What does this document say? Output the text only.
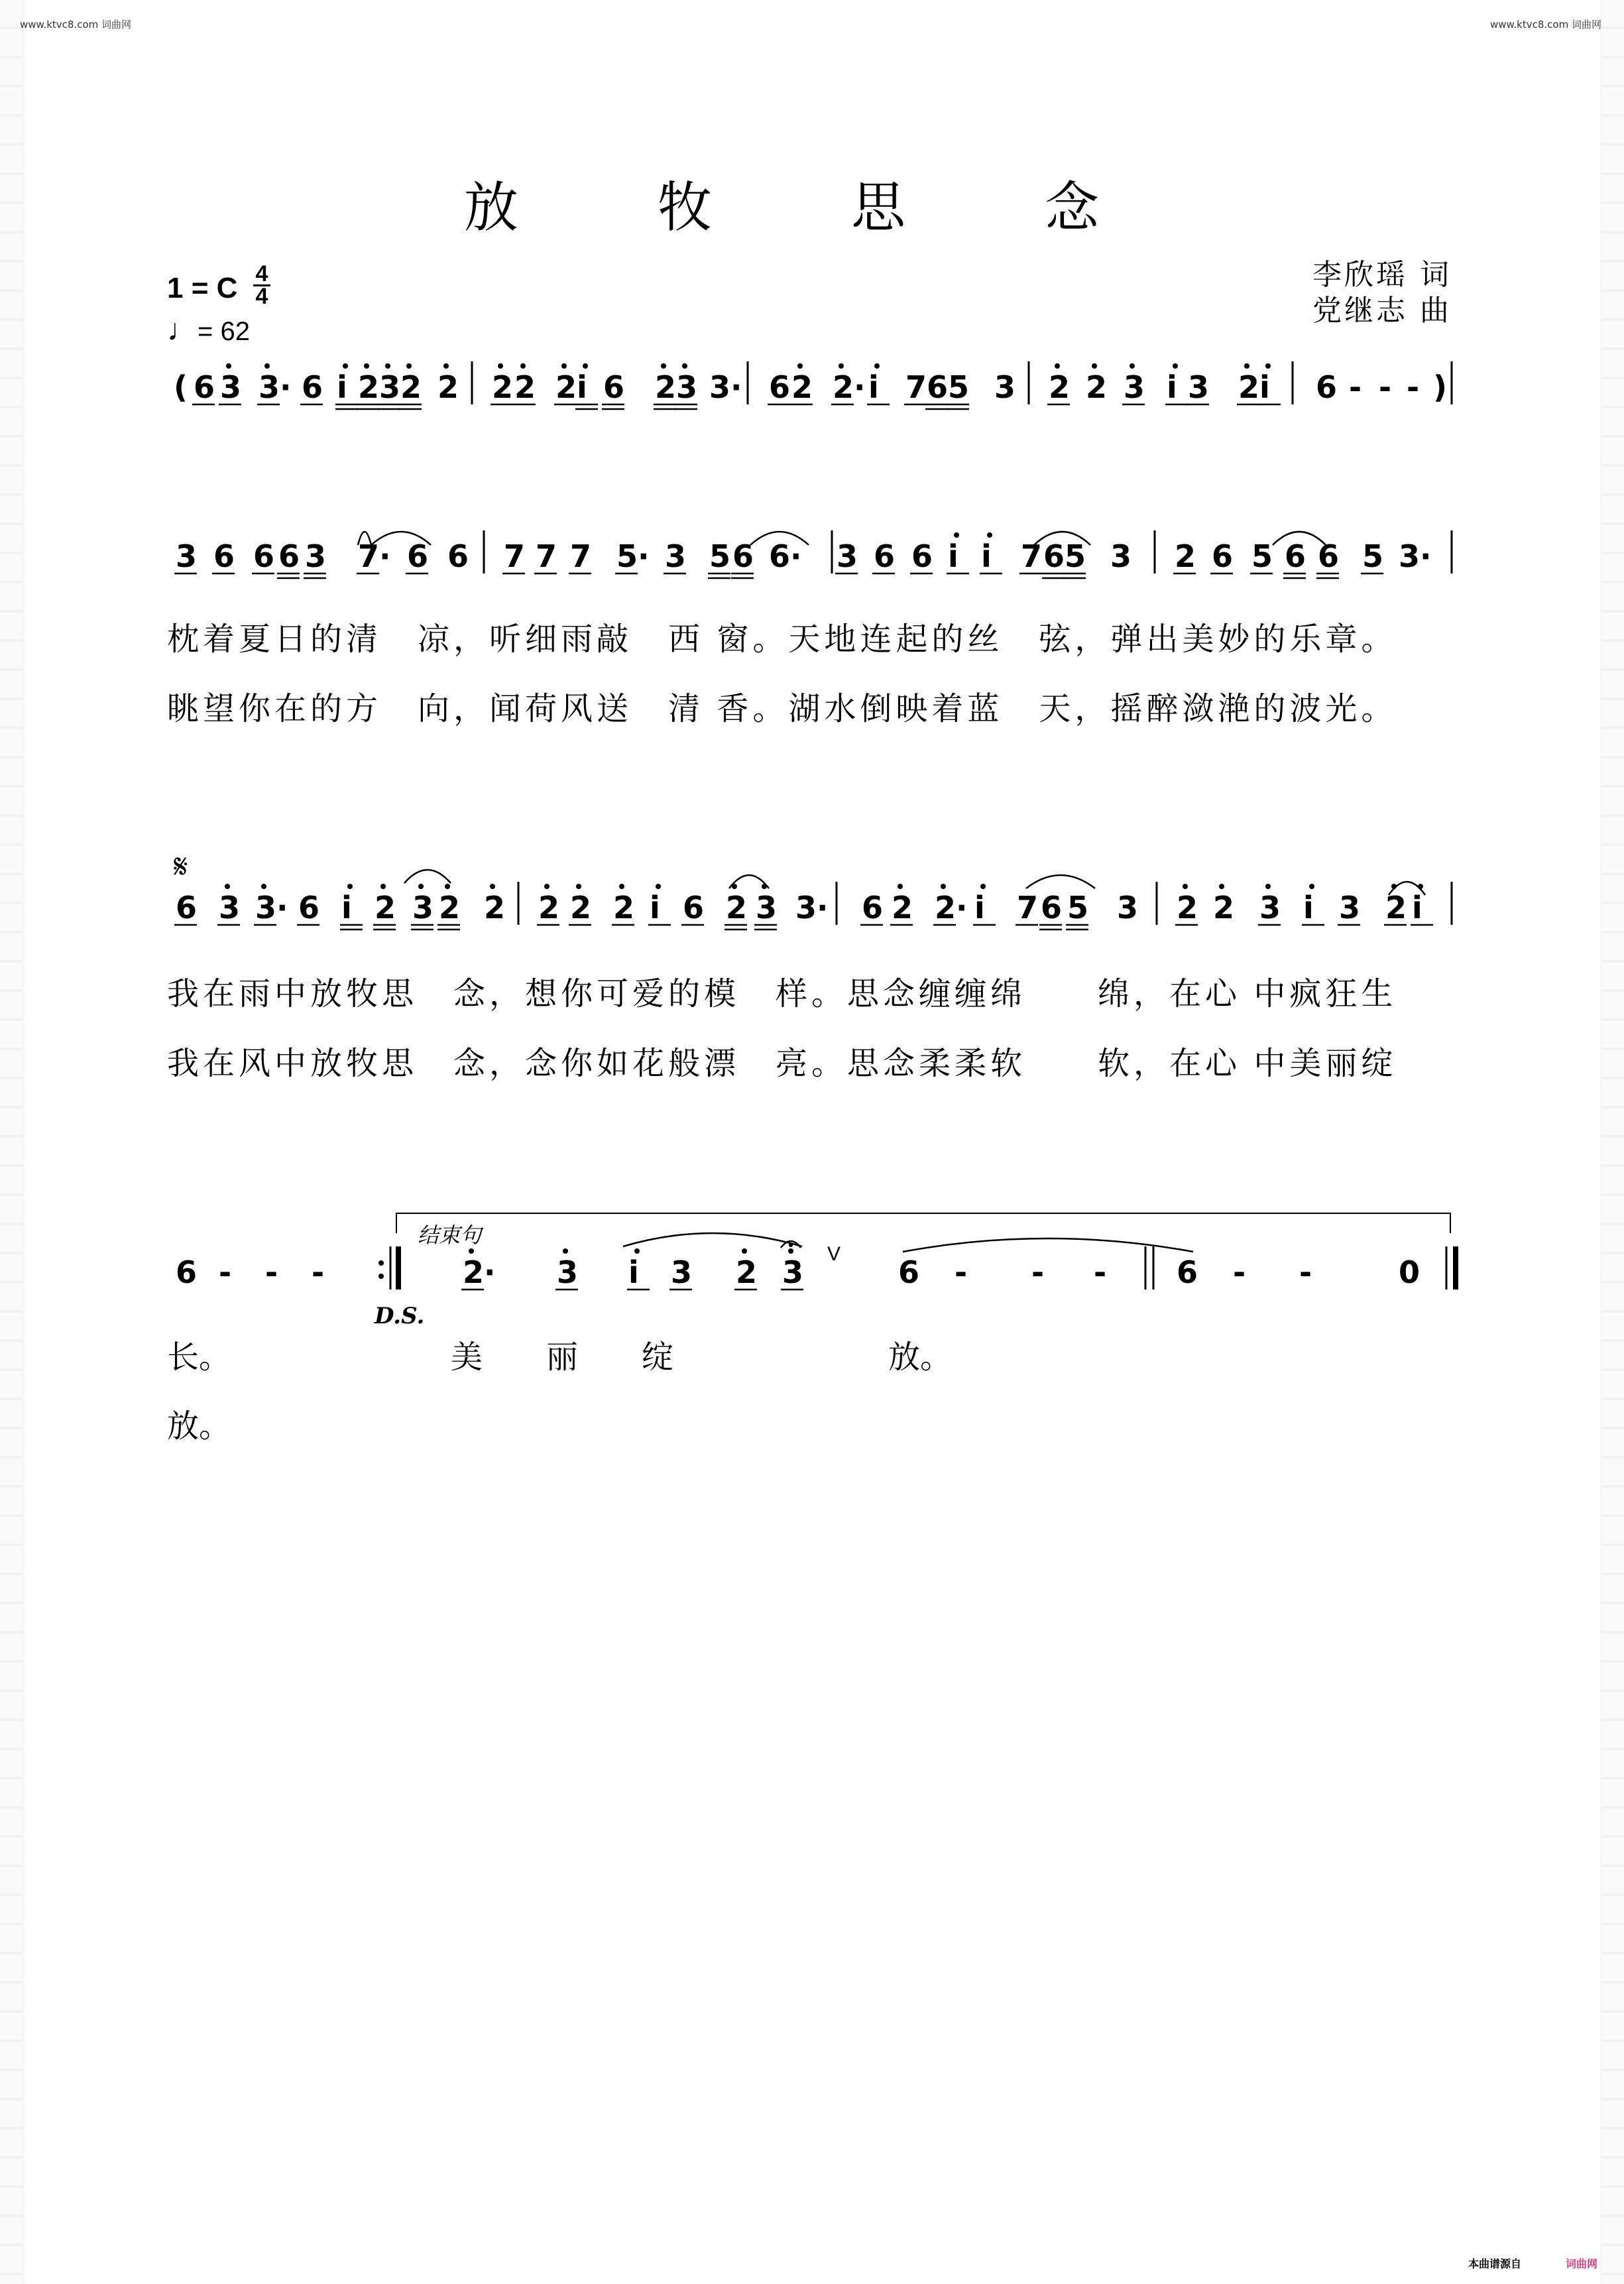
www.ktvc8.com 词曲网	www.ktvc8.com 词曲网
放 牧 思 念
李欣瑶 词
党继志 曲
1 = C 4
4
♩= 62
( 6 3 3· 6 i 2 3 2 2 2 2 2 i 6 2 3 3· 6 2 2· i 7 6 5 3 2 2 3 i 3 2 i 6 - - - )
3 6 6 6 3 7· 6 6 7 7 7 5· 3 5 6 6· 3 6 6 i i 7 6 5 3 2 6 5 6 6 5 3·
6 3 3· 6 i 2 3 2 2 2 2 2 i 6 2 3 3· 6 2 2· i 7 6 5 3 2 2 3 i 3 2 i
6 - - -	2· 3 i 3 2 3	6 - - - 6 - -	0
枕着夏日的清　凉，听细雨敲　西 窗。天地连起的丝　弦，弹出美妙的乐章。
眺望你在的方　向，闻荷风送　清 香。湖水倒映着蓝　天，摇醉潋滟的波光。
𝄋
我在雨中放牧思　念，想你可爱的模　样。思念缠缠绵　　绵，在心 中疯狂生
我在风中放牧思　念，念你如花般漂　亮。思念柔柔软　　软，在心 中美丽绽
结束句
D.S.
V
长。	美　　丽　　绽	放。
放。
本曲谱源自	词曲网
